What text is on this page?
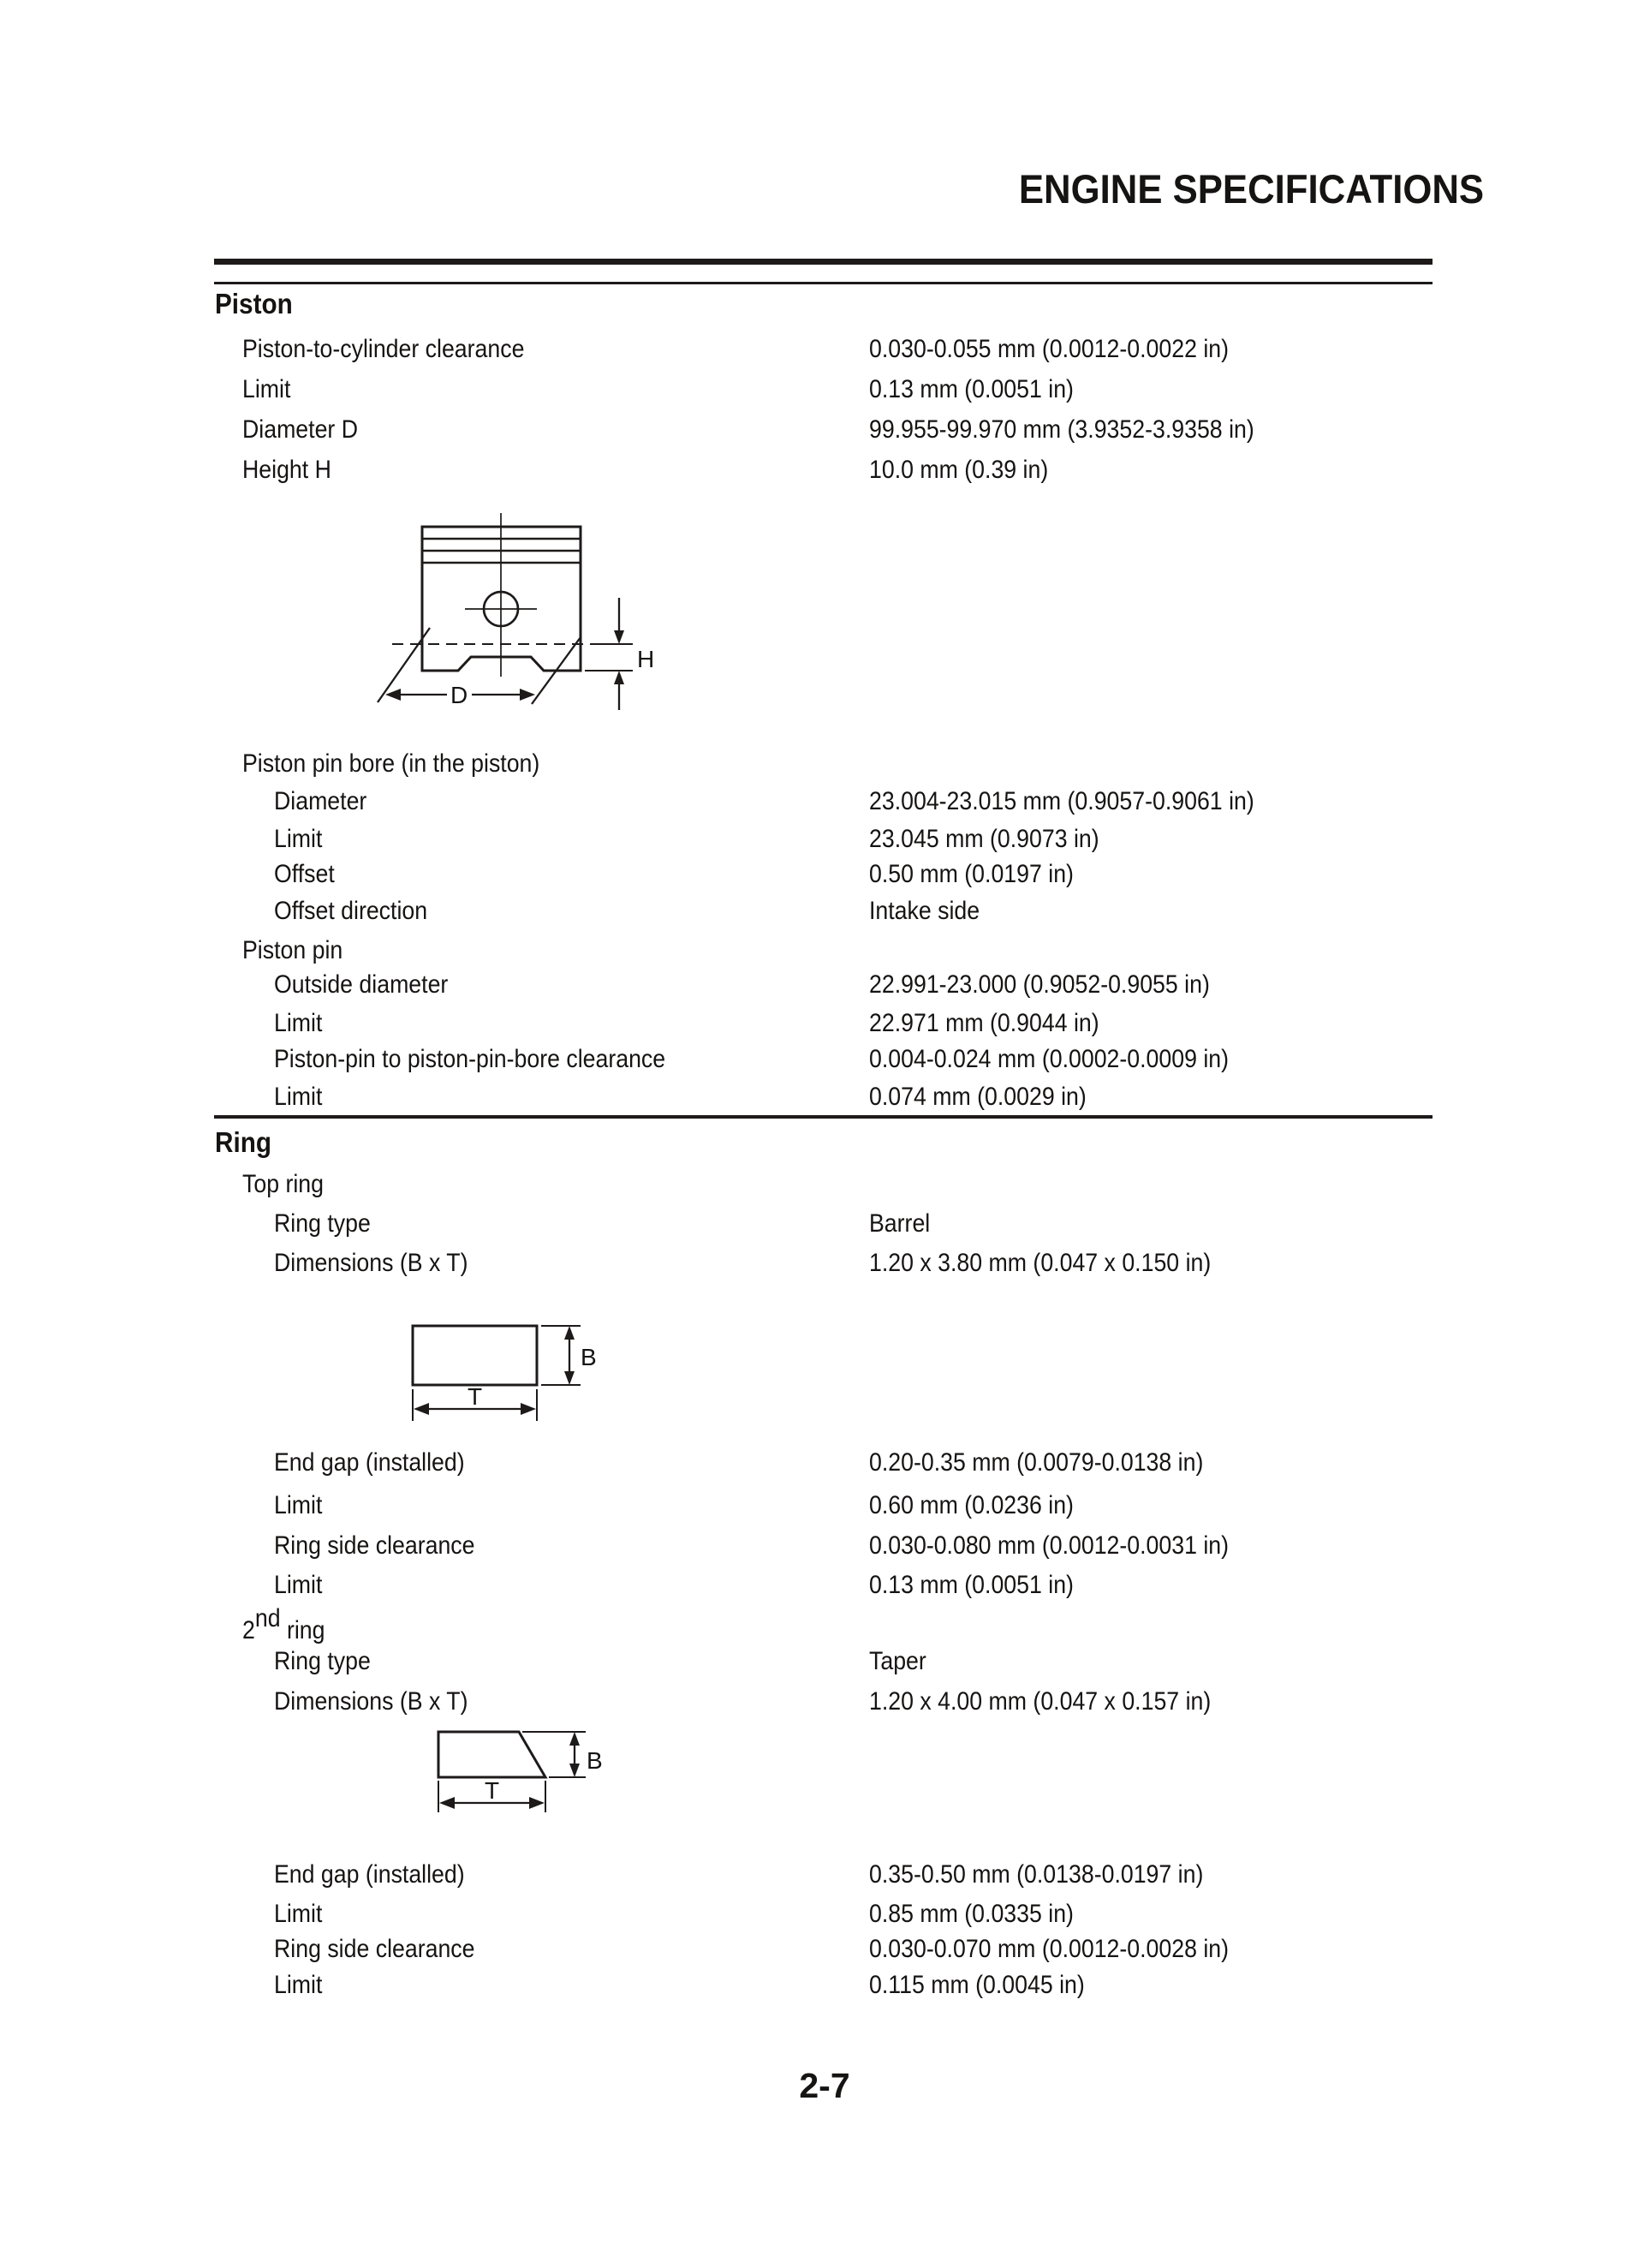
ENGINE SPECIFICATIONS
Piston
Piston-to-cylinder clearance	0.030-0.055 mm (0.0012-0.0022 in)
Limit	0.13 mm (0.0051 in)
Diameter D	99.955-99.970 mm (3.9352-3.9358 in)
Height H	10.0 mm (0.39 in)
D
H
Piston pin bore (in the piston)
Diameter	23.004-23.015 mm (0.9057-0.9061 in)
Limit	23.045 mm (0.9073 in)
Offset	0.50 mm (0.0197 in)
Offset direction	Intake side
Piston pin
Outside diameter	22.991-23.000 (0.9052-0.9055 in)
Limit	22.971 mm (0.9044 in)
Piston-pin to piston-pin-bore clearance	0.004-0.024 mm (0.0002-0.0009 in)
Limit	0.074 mm (0.0029 in)
Ring
Top ring
Ring type	Barrel
Dimensions (B x T)	1.20 x 3.80 mm (0.047 x 0.150 in)
B
T
End gap (installed)	0.20-0.35 mm (0.0079-0.0138 in)
Limit	0.60 mm (0.0236 in)
Ring side clearance	0.030-0.080 mm (0.0012-0.0031 in)
Limit	0.13 mm (0.0051 in)
2nd ring
Ring type	Taper
Dimensions (B x T)	1.20 x 4.00 mm (0.047 x 0.157 in)
B
T
End gap (installed)	0.35-0.50 mm (0.0138-0.0197 in)
Limit	0.85 mm (0.0335 in)
Ring side clearance	0.030-0.070 mm (0.0012-0.0028 in)
Limit	0.115 mm (0.0045 in)
2-7
